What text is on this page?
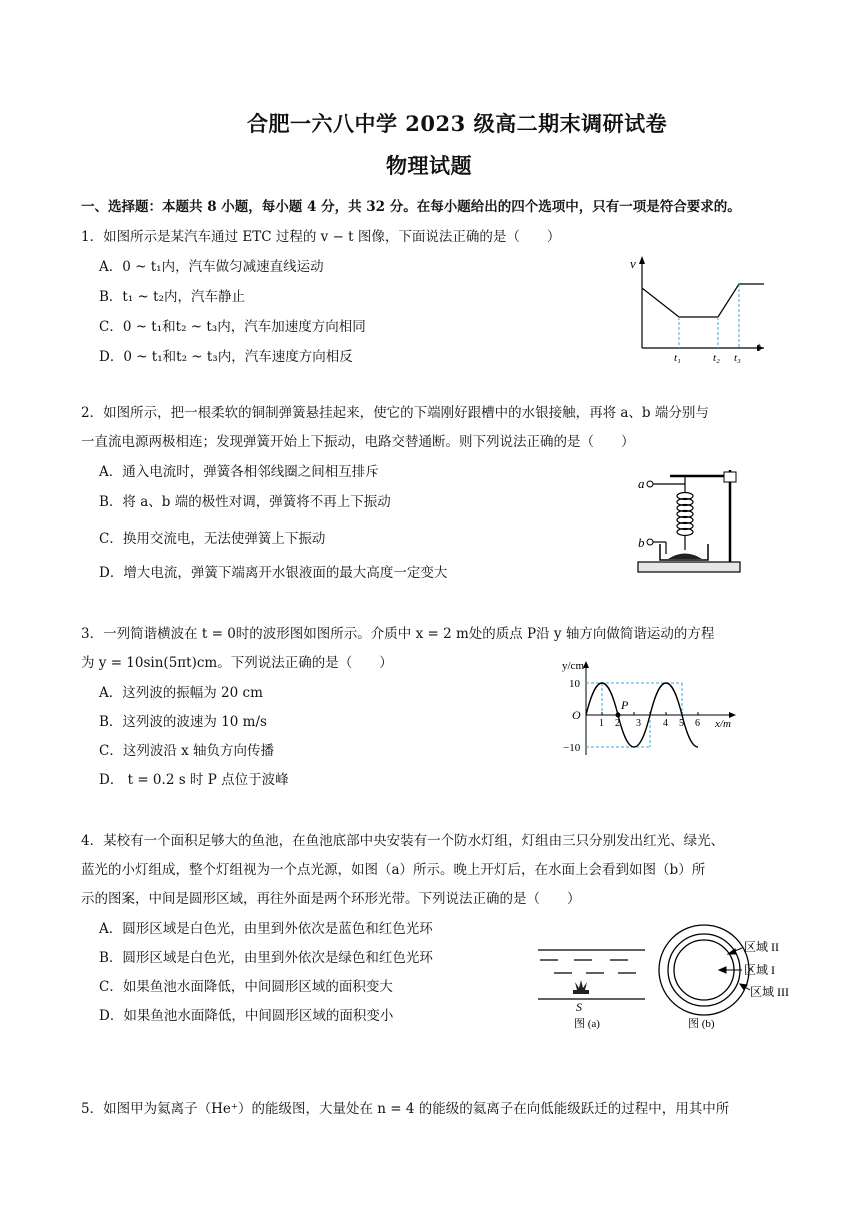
合肥一六八中学 2023 级高二期末调研试卷
物理试题
一、选择题：本题共 8 小题，每小题 4 分，共 32 分。在每小题给出的四个选项中，只有一项是符合要求的。
1．如图所示是某汽车通过 ETC 过程的 v − t 图像，下面说法正确的是（　　）
A．0 ~ t₁内，汽车做匀减速直线运动
B．t₁ ~ t₂内，汽车静止
C．0 ~ t₁和t₂ ~ t₃内，汽车加速度方向相同
D．0 ~ t₁和t₂ ~ t₃内，汽车速度方向相反
v
t
t₁	t₂ t₃
2．如图所示，把一根柔软的铜制弹簧悬挂起来，使它的下端刚好跟槽中的水银接触，再将 a、b 端分别与
一直流电源两极相连；发现弹簧开始上下振动，电路交替通断。则下列说法正确的是（　　）
A．通入电流时，弹簧各相邻线圈之间相互排斥
B．将 a、b 端的极性对调，弹簧将不再上下振动
C．换用交流电，无法使弹簧上下振动
D．增大电流，弹簧下端离开水银液面的最大高度一定变大
a
b
3．一列简谐横波在 t = 0时的波形图如图所示。介质中 x = 2 m处的质点 P沿 y 轴方向做简谐运动的方程
为 y = 10sin(5πt)cm。下列说法正确的是（　　）
A．这列波的振幅为 20 cm
B．这列波的波速为 10 m/s
C．这列波沿 x 轴负方向传播
D． t = 0.2 s 时 P 点位于波峰
y/cm
x/m
O
P
10
−10
1 2 3 4 5 6
4．某校有一个面积足够大的鱼池，在鱼池底部中央安装有一个防水灯组，灯组由三只分别发出红光、绿光、
蓝光的小灯组成，整个灯组视为一个点光源，如图（a）所示。晚上开灯后，在水面上会看到如图（b）所
示的图案，中间是圆形区域，再往外面是两个环形光带。下列说法正确的是（　　）
A．圆形区域是白色光，由里到外依次是蓝色和红色光环
B．圆形区域是白色光，由里到外依次是绿色和红色光环
C．如果鱼池水面降低，中间圆形区域的面积变大
D．如果鱼池水面降低，中间圆形区域的面积变小
S
图 (a)
区域 II
区域 I
区域 III
图 (b)
5．如图甲为氦离子（He⁺）的能级图，大量处在 n = 4 的能级的氦离子在向低能级跃迁的过程中，用其中所
